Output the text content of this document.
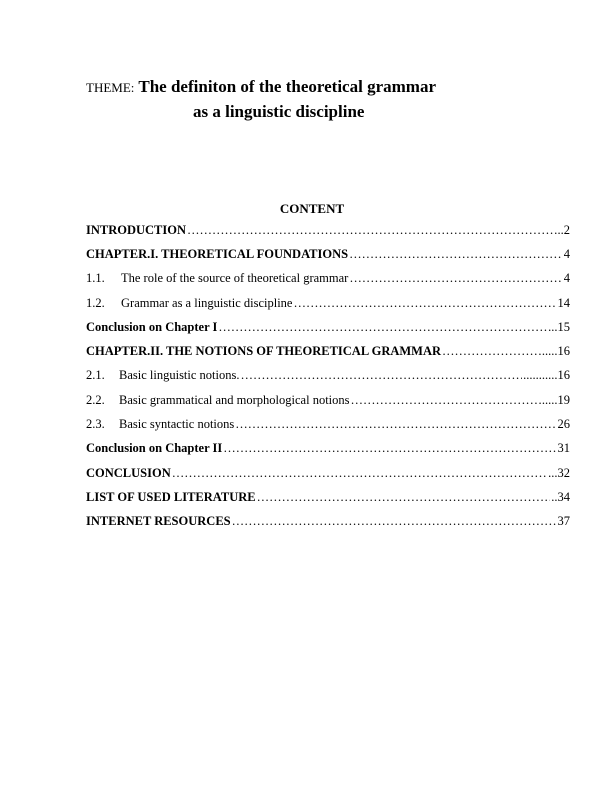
THEME: The definiton of the theoretical grammar
as a linguistic discipline
CONTENT
INTRODUCTION ………………………………………………………………………………………………………………………………………………	..2
CHAPTER.I. THEORETICAL FOUNDATIONS ………………………………………………………………………………………………………………………………………………	4
1.1.	The role of the source of theoretical grammar ………………………………………………………………………………………………………………………………………………	4
1.2.	Grammar as a linguistic discipline ………………………………………………………………………………………………………………………………………………	14
Conclusion on Chapter I ………………………………………………………………………………………………………………………………………………	...15
CHAPTER.II. THE NOTIONS OF THEORETICAL GRAMMAR ………………………………………………………………………………………………………………………………………………	.....16
2.1.	Basic linguistic notions. ………………………………………………………………………………………………………………………………………………	...........16
2.2.	Basic grammatical and morphological notions ………………………………………………………………………………………………………………………………………………	.....19
2.3.	Basic syntactic notions ………………………………………………………………………………………………………………………………………………	26
Conclusion on Chapter II ………………………………………………………………………………………………………………………………………………	31
CONCLUSION ………………………………………………………………………………………………………………………………………………	...32
LIST OF USED LITERATURE ………………………………………………………………………………………………………………………………………………	..34
INTERNET RESOURCES ………………………………………………………………………………………………………………………………………………	37
